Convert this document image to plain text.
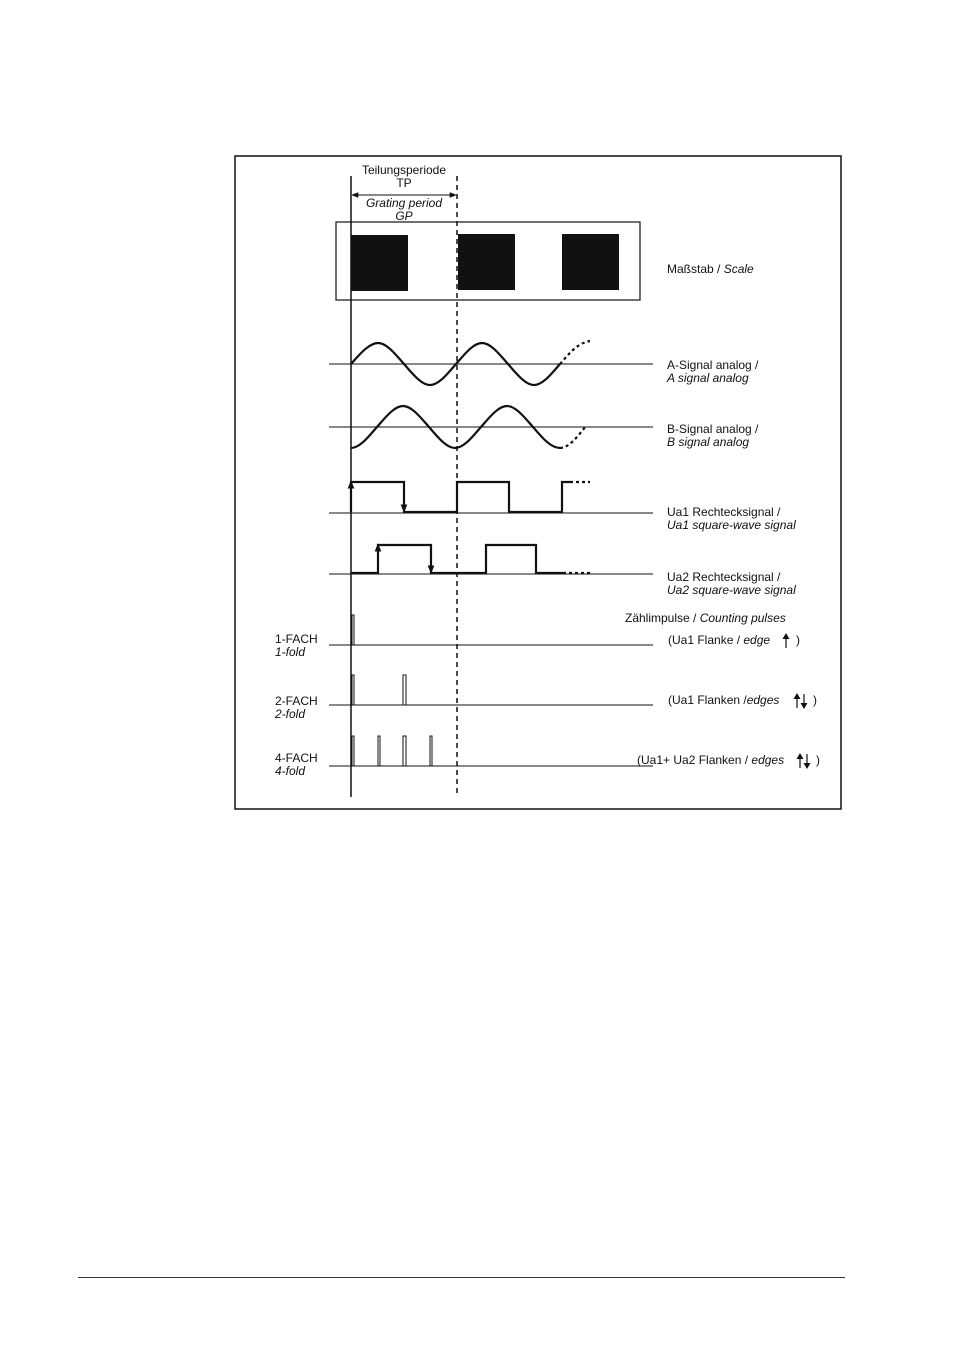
Teilungsperiode
TP
Grating period
GP
Maßstab / Scale
A-Signal analog /
A signal analog
B-Signal analog /
B signal analog
Ua1 Rechtecksignal /
Ua1 square-wave signal
Ua2 Rechtecksignal /
Ua2 square-wave signal
Zählimpulse / Counting pulses
1-FACH
1-fold
(Ua1 Flanke / edge )
2-FACH
2-fold
(Ua1 Flanken /edges	)
4-FACH
4-fold
(Ua1+ Ua2 Flanken / edges	)
